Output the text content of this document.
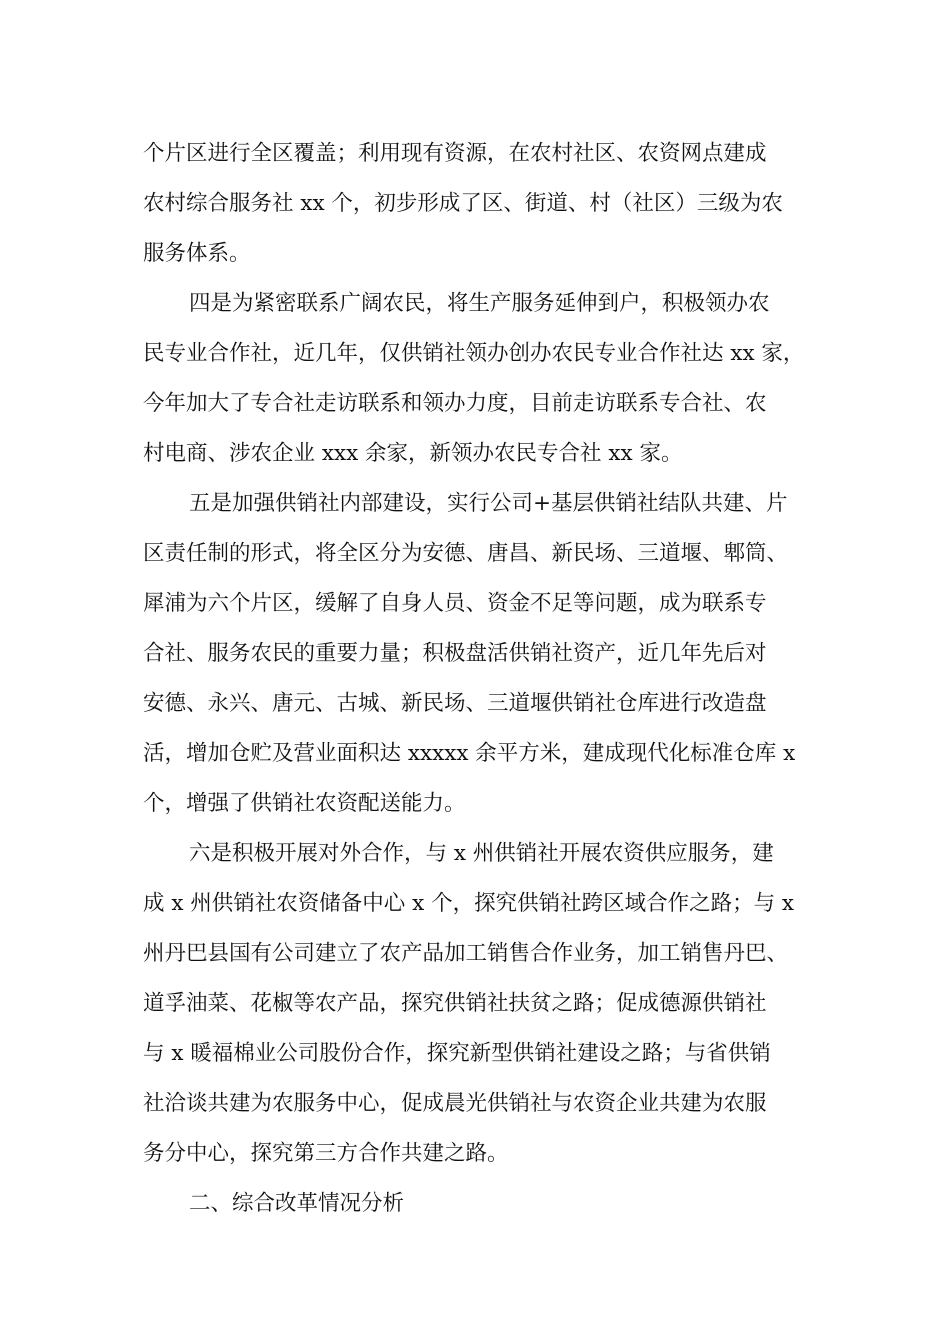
个片区进行全区覆盖；利用现有资源，在农村社区、农资网点建成
农村综合服务社 xx 个，初步形成了区、街道、村（社区）三级为农
服务体系。
四是为紧密联系广阔农民，将生产服务延伸到户，积极领办农
民专业合作社，近几年，仅供销社领办创办农民专业合作社达 xx 家，
今年加大了专合社走访联系和领办力度，目前走访联系专合社、农
村电商、涉农企业 xxx 余家，新领办农民专合社 xx 家。
五是加强供销社内部建设，实行公司+基层供销社结队共建、片
区责任制的形式，将全区分为安德、唐昌、新民场、三道堰、郫筒、
犀浦为六个片区，缓解了自身人员、资金不足等问题，成为联系专
合社、服务农民的重要力量；积极盘活供销社资产，近几年先后对
安德、永兴、唐元、古城、新民场、三道堰供销社仓库进行改造盘
活，增加仓贮及营业面积达 xxxxx 余平方米，建成现代化标准仓库 x
个，增强了供销社农资配送能力。
六是积极开展对外合作，与 x 州供销社开展农资供应服务，建
成 x 州供销社农资储备中心 x 个，探究供销社跨区域合作之路；与 x
州丹巴县国有公司建立了农产品加工销售合作业务，加工销售丹巴、
道孚油菜、花椒等农产品，探究供销社扶贫之路；促成德源供销社
与 x 暖福棉业公司股份合作，探究新型供销社建设之路；与省供销
社洽谈共建为农服务中心，促成晨光供销社与农资企业共建为农服
务分中心，探究第三方合作共建之路。
二、综合改革情况分析
